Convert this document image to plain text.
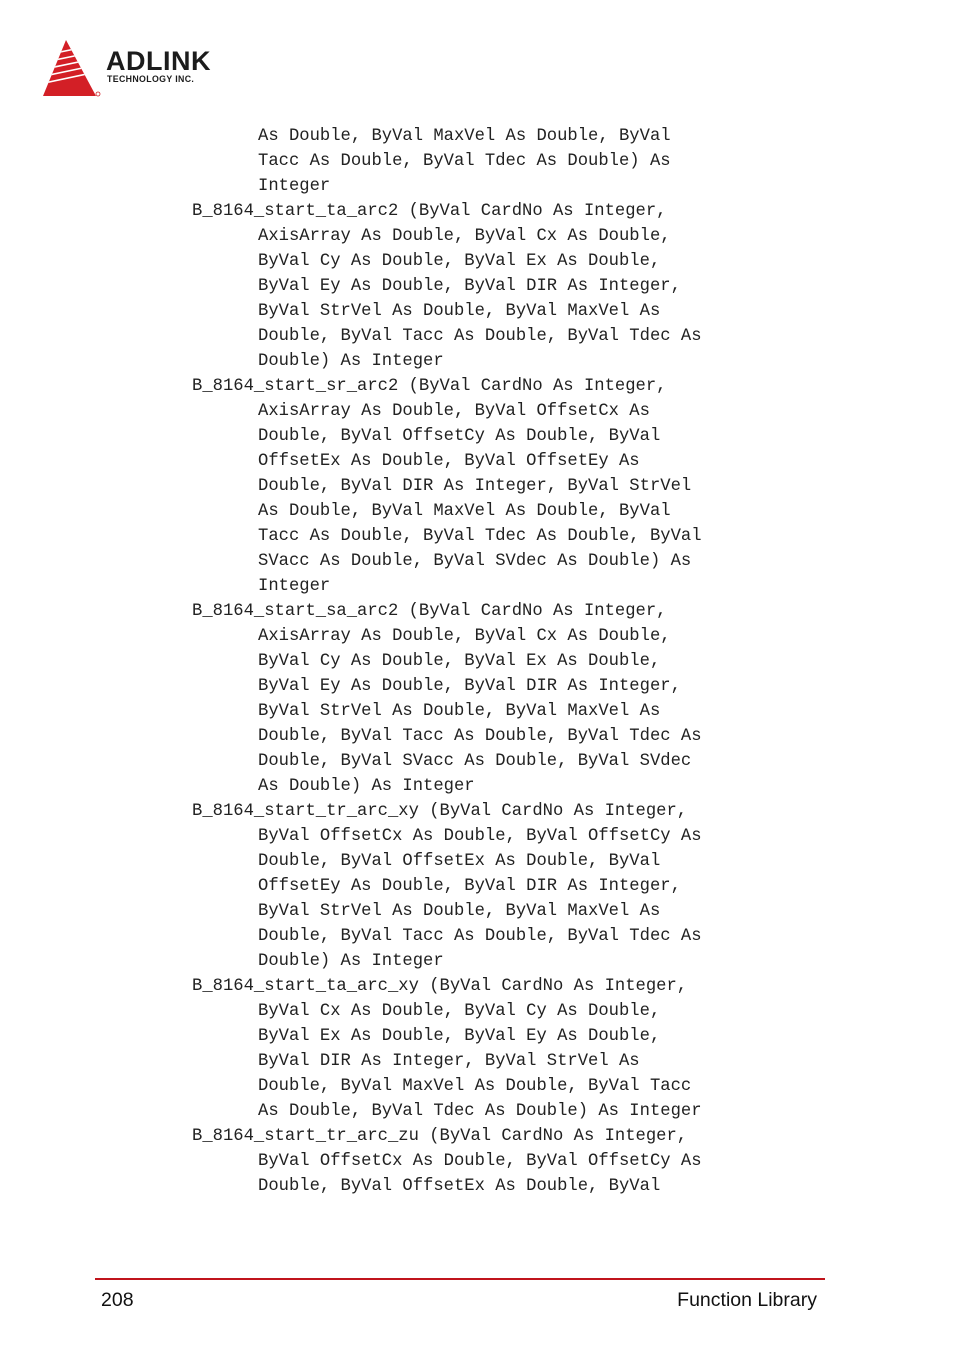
ADLINK
TECHNOLOGY INC.
As Double, ByVal MaxVel As Double, ByVal
Tacc As Double, ByVal Tdec As Double) As
Integer
B_8164_start_ta_arc2 (ByVal CardNo As Integer,
AxisArray As Double, ByVal Cx As Double,
ByVal Cy As Double, ByVal Ex As Double,
ByVal Ey As Double, ByVal DIR As Integer,
ByVal StrVel As Double, ByVal MaxVel As
Double, ByVal Tacc As Double, ByVal Tdec As
Double) As Integer
B_8164_start_sr_arc2 (ByVal CardNo As Integer,
AxisArray As Double, ByVal OffsetCx As
Double, ByVal OffsetCy As Double, ByVal
OffsetEx As Double, ByVal OffsetEy As
Double, ByVal DIR As Integer, ByVal StrVel
As Double, ByVal MaxVel As Double, ByVal
Tacc As Double, ByVal Tdec As Double, ByVal
SVacc As Double, ByVal SVdec As Double) As
Integer
B_8164_start_sa_arc2 (ByVal CardNo As Integer,
AxisArray As Double, ByVal Cx As Double,
ByVal Cy As Double, ByVal Ex As Double,
ByVal Ey As Double, ByVal DIR As Integer,
ByVal StrVel As Double, ByVal MaxVel As
Double, ByVal Tacc As Double, ByVal Tdec As
Double, ByVal SVacc As Double, ByVal SVdec
As Double) As Integer
B_8164_start_tr_arc_xy (ByVal CardNo As Integer,
ByVal OffsetCx As Double, ByVal OffsetCy As
Double, ByVal OffsetEx As Double, ByVal
OffsetEy As Double, ByVal DIR As Integer,
ByVal StrVel As Double, ByVal MaxVel As
Double, ByVal Tacc As Double, ByVal Tdec As
Double) As Integer
B_8164_start_ta_arc_xy (ByVal CardNo As Integer,
ByVal Cx As Double, ByVal Cy As Double,
ByVal Ex As Double, ByVal Ey As Double,
ByVal DIR As Integer, ByVal StrVel As
Double, ByVal MaxVel As Double, ByVal Tacc
As Double, ByVal Tdec As Double) As Integer
B_8164_start_tr_arc_zu (ByVal CardNo As Integer,
ByVal OffsetCx As Double, ByVal OffsetCy As
Double, ByVal OffsetEx As Double, ByVal
208	Function Library
